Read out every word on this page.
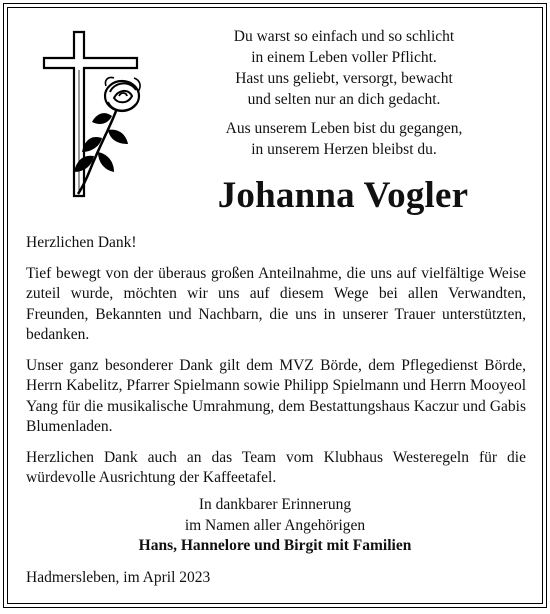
Du warst so einfach und so schlicht
in einem Leben voller Pflicht.
Hast uns geliebt, versorgt, bewacht
und selten nur an dich gedacht.
Aus unserem Leben bist du gegangen,
in unserem Herzen bleibst du.
Johanna Vogler

Herzlichen Dank!

Tief bewegt von der überaus großen Anteilnahme, die uns auf vielfältige Weise zuteil wurde, möchten wir uns auf diesem Wege bei allen Verwandten, Freunden, Bekannten und Nachbarn, die uns in unserer Trauer unterstützten, bedanken.

Unser ganz besonderer Dank gilt dem MVZ Börde, dem Pflegedienst Börde, Herrn Kabelitz, Pfarrer Spielmann sowie Philipp Spielmann und Herrn Mooyeol Yang für die musikalische Umrahmung, dem Bestattungshaus Kaczur und Gabis Blumenladen.

Herzlichen Dank auch an das Team vom Klubhaus Westeregeln für die würdevolle Ausrichtung der Kaffeetafel.

In dankbarer Erinnerung
im Namen aller Angehörigen
Hans, Hannelore und Birgit mit Familien
Hadmersleben, im April 2023
